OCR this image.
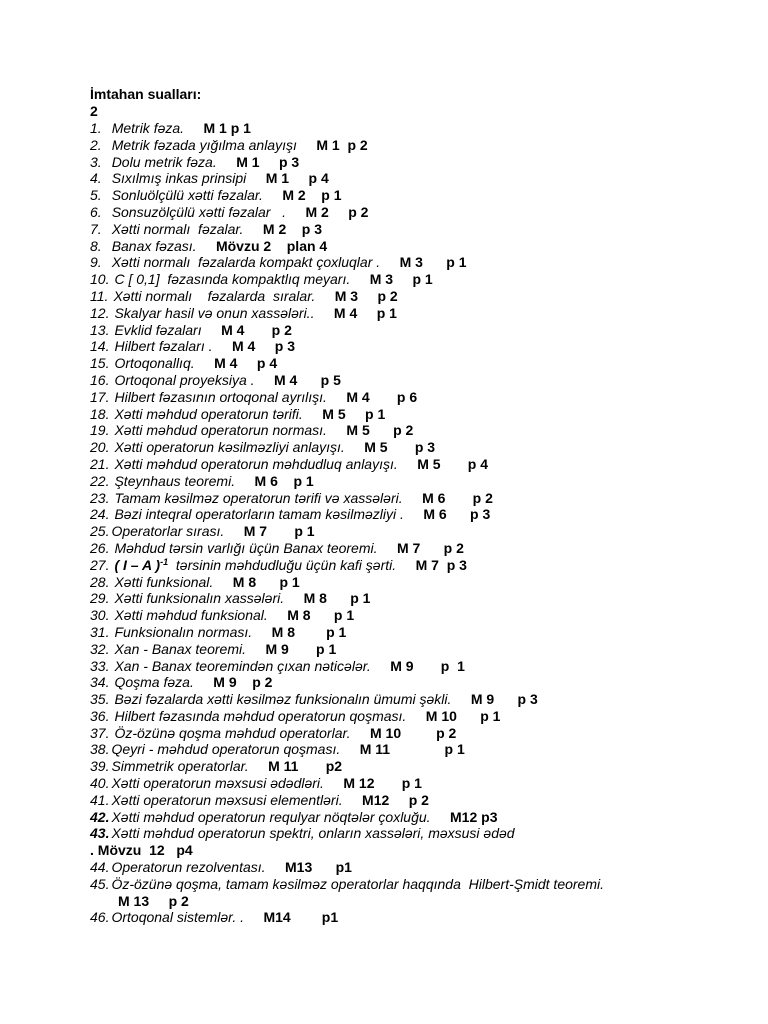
İmtahan sualları:
2
1. Metrik fəza. M 1 p 1
2. Metrik fəzada yığılma anlayışı M 1  p 2
3. Dolu metrik fəza. M 1     p 3
4. Sıxılmış inkas prinsipi M 1     p 4
5. Sonluölçülü xətti fəzalar. M 2    p 1
6. Sonsuzölçülü xətti fəzalar   . M 2     p 2
7. Xətti normalı  fəzalar. M 2    p 3
8. Banax fəzası. Mövzu 2    plan 4
9. Xətti normalı  fəzalarda kompakt çoxluqlar . M 3      p 1
10. C [ 0,1]  fəzasında kompaktlıq meyarı. M 3     p 1
11. Xətti normalı    fəzalarda  sıralar. M 3     p 2
12. Skalyar hasil və onun xassələri.. M 4     p 1
13. Evklid fəzaları M 4       p 2
14. Hilbert fəzaları . M 4     p 3
15. Ortoqonallıq. M 4     p 4
16. Ortoqonal proyeksiya . M 4      p 5
17. Hilbert fəzasının ortoqonal ayrılışı. M 4       p 6
18. Xətti məhdud operatorun tərifi. M 5     p 1
19. Xətti məhdud operatorun norması. M 5      p 2
20. Xətti operatorun kəsilməzliyi anlayışı. M 5       p 3
21. Xətti məhdud operatorun məhdudluq anlayışı. M 5       p 4
22. Şteynhaus teoremi. M 6    p 1
23. Tamam kəsilməz operatorun tərifi və xassələri. M 6       p 2
24. Bəzi inteqral operatorların tamam kəsilməzliyi . M 6      p 3
25. Operatorlar sırası. M 7       p 1
26. Məhdud tərsin varlığı üçün Banax teoremi. M 7      p 2
27. ( I – A )$^{-1}$ tərsinin məhdudluğu üçün kafi şərti. M 7  p 3
28. Xətti funksional. M 8      p 1
29. Xətti funksionalın xassələri. M 8      p 1
30. Xətti məhdud funksional. M 8      p 1
31. Funksionalın norması. M 8        p 1
32. Xan - Banax teoremi. M 9       p 1
33. Xan - Banax teoremindən çıxan nəticələr. M 9       p  1
34. Qoşma fəza. M 9    p 2
35. Bəzi fəzalarda xətti kəsilməz funksionalın ümumi şəkli. M 9      p 3
36. Hilbert fəzasında məhdud operatorun qoşması. M 10      p 1
37. Öz-özünə qoşma məhdud operatorlar. M 10         p 2
38. Qeyri - məhdud operatorun qoşması. M 11              p 1
39. Simmetrik operatorlar. M 11       p2
40. Xətti operatorun məxsusi ədədləri. M 12       p 1
41. Xətti operatorun məxsusi elementləri. M12     p 2
42. Xətti məhdud operatorun requlyar nöqtələr çoxluğu. M12 p3
43. Xətti məhdud operatorun spektri, onların xassələri, məxsusi ədəd
. Mövzu  12   p4
44. Operatorun rezolventası. M13      p1
45. Öz-özünə qoşma, tamam kəsilməz operatorlar haqqında  Hilbert-Şmidt teoremi.
M 13     p 2
46. Ortoqonal sistemlər. . M14        p1
